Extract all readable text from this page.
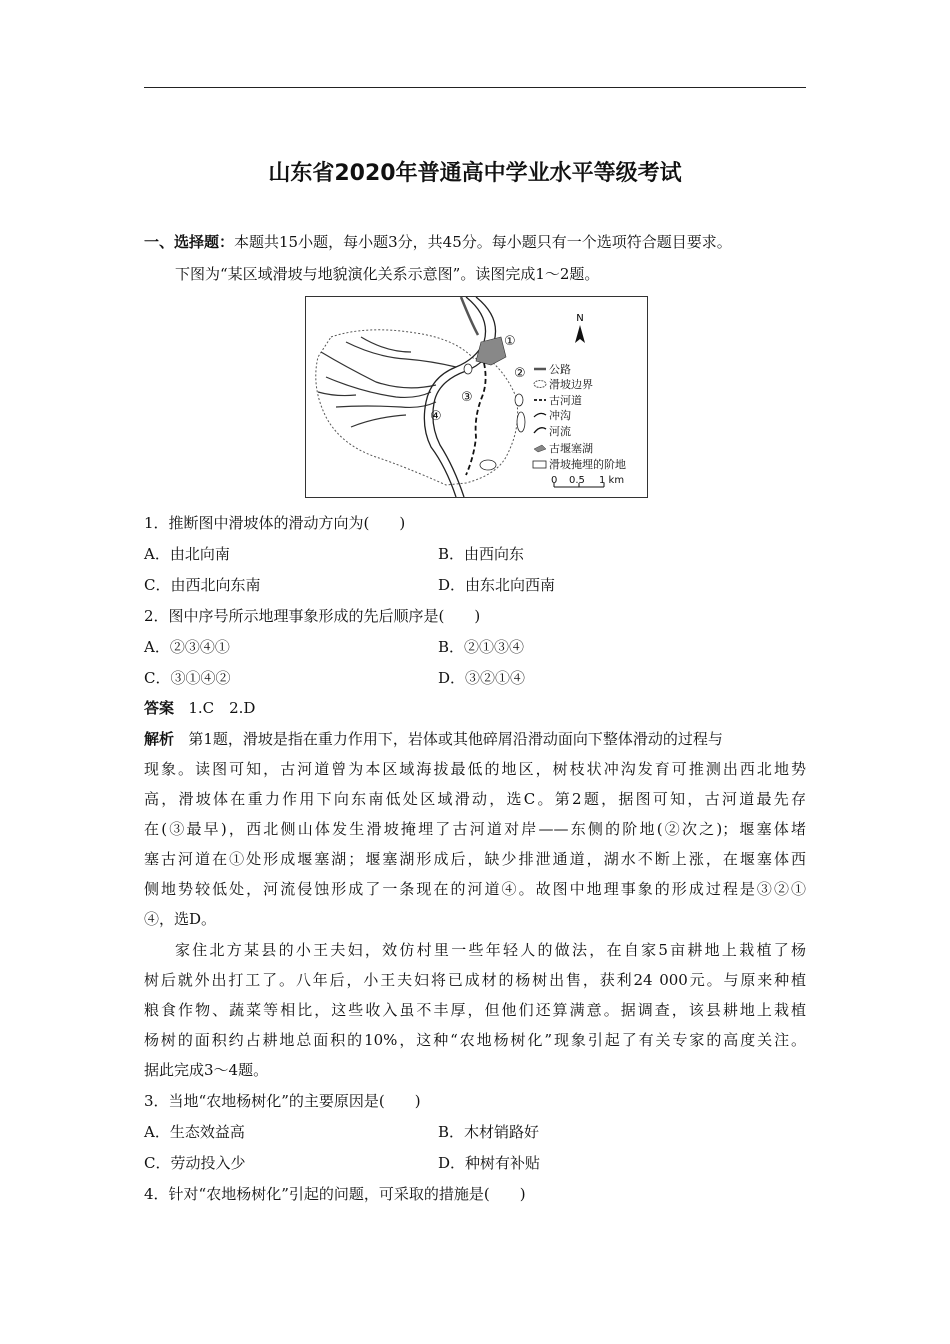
山东省2020年普通高中学业水平等级考试
一、选择题：本题共15小题，每小题3分，共45分。每小题只有一个选项符合题目要求。
下图为“某区域滑坡与地貌演化关系示意图”。读图完成1～2题。
①
②
③
④
N
公路
滑坡边界
古河道
冲沟
河流
古堰塞湖
滑坡掩埋的阶地
0 0.5 1 km
1．推断图中滑坡体的滑动方向为(　　)
A．由北向南	B．由西向东
C．由西北向东南	D．由东北向西南
2．图中序号所示地理事象形成的先后顺序是(　　)
A．②③④①	B．②①③④
C．③①④②	D．③②①④
答案 1.C　2.D
解析 第1题，滑坡是指在重力作用下，岩体或其他碎屑沿滑动面向下整体滑动的过程与
现象。读图可知，古河道曾为本区域海拔最低的地区，树枝状冲沟发育可推测出西北地势
高，滑坡体在重力作用下向东南低处区域滑动，选C。第2题，据图可知，古河道最先存
在(③最早)，西北侧山体发生滑坡掩埋了古河道对岸——东侧的阶地(②次之)；堰塞体堵
塞古河道在①处形成堰塞湖；堰塞湖形成后，缺少排泄通道，湖水不断上涨，在堰塞体西
侧地势较低处，河流侵蚀形成了一条现在的河道④。故图中地理事象的形成过程是③②①
④，选D。
家住北方某县的小王夫妇，效仿村里一些年轻人的做法，在自家5亩耕地上栽植了杨
树后就外出打工了。八年后，小王夫妇将已成材的杨树出售，获利24 000元。与原来种植
粮食作物、蔬菜等相比，这些收入虽不丰厚，但他们还算满意。据调查，该县耕地上栽植
杨树的面积约占耕地总面积的10%，这种“农地杨树化”现象引起了有关专家的高度关注。
据此完成3～4题。
3．当地“农地杨树化”的主要原因是(　　)
A．生态效益高	B．木材销路好
C．劳动投入少	D．种树有补贴
4．针对“农地杨树化”引起的问题，可采取的措施是(　　)
